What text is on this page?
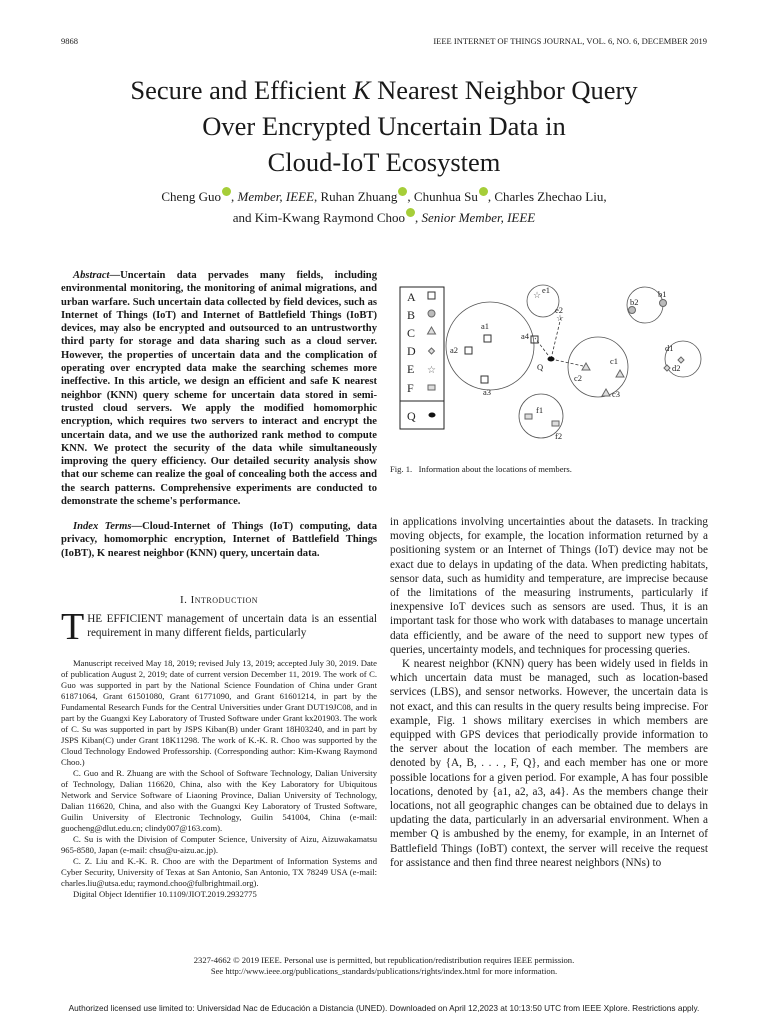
9868	IEEE INTERNET OF THINGS JOURNAL, VOL. 6, NO. 6, DECEMBER 2019
Secure and Efficient K Nearest Neighbor Query
Over Encrypted Uncertain Data in
Cloud-IoT Ecosystem
Cheng Guo , Member, IEEE, Ruhan Zhuang , Chunhua Su , Charles Zhechao Liu,
and Kim-Kwang Raymond Choo , Senior Member, IEEE
Abstract—Uncertain data pervades many fields, including environmental monitoring, the monitoring of animal migrations, and urban warfare. Such uncertain data collected by field devices, such as Internet of Things (IoT) and Internet of Battlefield Things (IoBT) devices, may also be encrypted and outsourced to an untrustworthy third party for storage and data sharing such as a cloud server. However, the properties of uncertain data and the complication of operating over encrypted data make the searching schemes more ineffective. In this article, we design an efficient and safe K nearest neighbor (KNN) query scheme for uncertain data stored in semi-trusted cloud servers. We apply the modified homomorphic encryption, which requires two servers to interact and encrypt the uncertain data, and we use the authorized rank method to compute KNN. We protect the security of the data while simultaneously improving the query efficiency. Our detailed security analysis show that our scheme can realize the goal of concealing both the access and the search patterns. Comprehensive experiments are conducted to demonstrate the scheme's performance.
Index Terms—Cloud-Internet of Things (IoT) computing, data privacy, homomorphic encryption, Internet of Battlefield Things (IoBT), K nearest neighbor (KNN) query, uncertain data.
I. Introduction
THE EFFICIENT management of uncertain data is an essential requirement in many different fields, particularly

Manuscript received May 18, 2019; revised July 13, 2019; accepted July 30, 2019. Date of publication August 2, 2019; date of current version December 11, 2019. The work of C. Guo was supported in part by the National Science Foundation of China under Grant 61871064, Grant 61501080, Grant 61771090, and Grant 61601214, in part by the Fundamental Research Funds for the Central Universities under Grant DUT19JC08, and in part by the Guangxi Key Laboratory of Trusted Software under Grant kx201903. The work of C. Su was supported in part by JSPS Kiban(B) under Grant 18H03240, and in part by JSPS Kiban(C) under Grant 18K11298. The work of K.-K. R. Choo was supported by the Cloud Technology Endowed Professorship. (Corresponding author: Kim-Kwang Raymond Choo.)

C. Guo and R. Zhuang are with the School of Software Technology, Dalian University of Technology, Dalian 116620, China, also with the Key Laboratory for Ubiquitous Network and Service Software of Liaoning Province, Dalian University of Technology, Dalian 116620, China, and also with the Guangxi Key Laboratory of Trusted Software, Guilin University of Electronic Technology, Guilin 541004, China (e-mail: guocheng@dlut.edu.cn; clindy007@163.com).

C. Su is with the Division of Computer Science, University of Aizu, Aizuwakamatsu 965-8580, Japan (e-mail: chsu@u-aizu.ac.jp).

C. Z. Liu and K.-K. R. Choo are with the Department of Information Systems and Cyber Security, University of Texas at San Antonio, San Antonio, TX 78249 USA (e-mail: charles.liu@utsa.edu; raymond.choo@fulbrightmail.org).

Digital Object Identifier 10.1109/JIOT.2019.2932775

A
B
C
D
E
F
Q
☆
☆
☆
a1
a2
a3
a4
b1
b2
c1
c2
c3
d1
d2
e1
e2
f1
f2
Q
Fig. 1. Information about the locations of members.

in applications involving uncertainties about the datasets. In tracking moving objects, for example, the location information returned by a positioning system or an Internet of Things (IoT) device may not be exact due to delays in updating of the data. When predicting habitats, sensor data, such as humidity and temperature, are imprecise because of the limitations of the measuring instruments, particularly if inexpensive IoT devices such as sensors are used. Thus, it is an important task for those who work with databases to manage uncertain data efficiently, and be aware of the need to support new types of queries, uncertainty models, and techniques for processing queries.

K nearest neighbor (KNN) query has been widely used in fields in which uncertain data must be managed, such as location-based services (LBS), and sensor networks. However, the uncertain data is not exact, and this can results in the query results being imprecise. For example, Fig. 1 shows military exercises in which members are equipped with GPS devices that periodically provide information to the server about the location of each member. The members are denoted by {A, B, . . . , F, Q}, and each member has one or more possible locations for a given period. For example, A has four possible locations, denoted by {a1, a2, a3, a4}. As the members change their locations, not all geographic changes can be obtained due to delays in updating the data, particularly in an adversarial environment. When a member Q is ambushed by the enemy, for example, in an Internet of Battlefield Things (IoBT) context, the server will receive the request for assistance and then find three nearest neighbors (NNs) to

2327-4662 © 2019 IEEE. Personal use is permitted, but republication/redistribution requires IEEE permission.
See http://www.ieee.org/publications_standards/publications/rights/index.html for more information.
Authorized licensed use limited to: Universidad Nac de Educación a Distancia (UNED). Downloaded on April 12,2023 at 10:13:50 UTC from IEEE Xplore. Restrictions apply.
